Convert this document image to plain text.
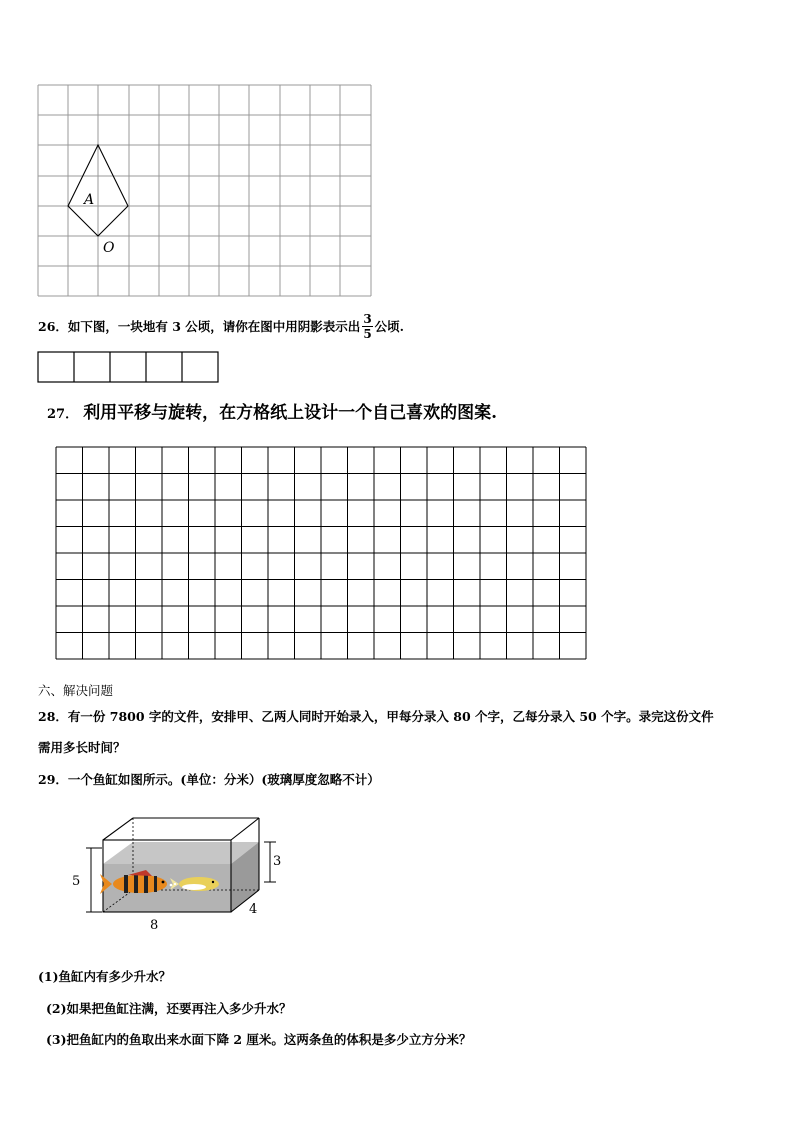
A
O
26． 如下图，一块地有 3 公顷，请你在图中用阴影表示出 $\frac{3}{5}$ 公顷.
27． 利用平移与旋转，在方格纸上设计一个自己喜欢的图案.
六、解决问题
28．有一份 7800 字的文件，安排甲、乙两人同时开始录入，甲每分录入 80 个字，乙每分录入 50 个字。录完这份文件
需用多长时间？
29．一个鱼缸如图所示。(单位：分米）(玻璃厚度忽略不计）
5
3
8
4
(1)鱼缸内有多少升水？
(2)如果把鱼缸注满，还要再注入多少升水？
(3)把鱼缸内的鱼取出来水面下降 2 厘米。这两条鱼的体积是多少立方分米？
